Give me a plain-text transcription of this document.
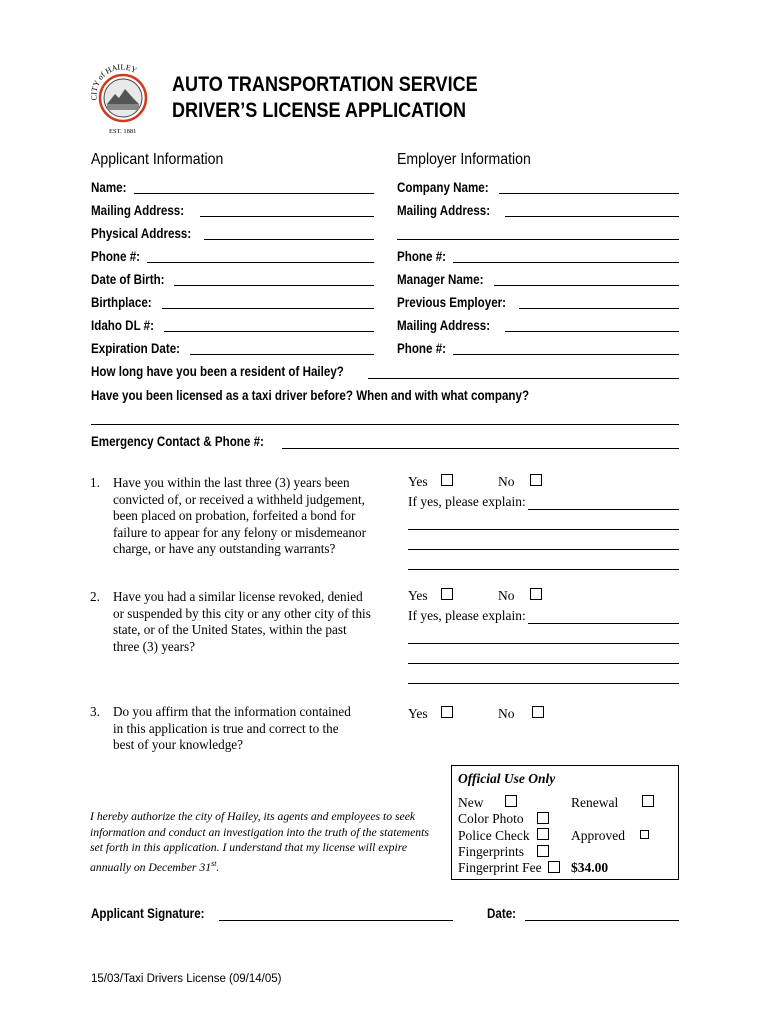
CITY of HAILEY
EST. 1881
AUTO TRANSPORTATION SERVICE
DRIVER’S LICENSE APPLICATION
Applicant Information	Employer Information
Name:
Mailing Address:
Physical Address:
Phone #:
Date of Birth:
Birthplace:
Idaho DL #:
Expiration Date:
Company Name:
Mailing Address:
Phone #:
Manager Name:
Previous Employer:
Mailing Address:
Phone #:
How long have you been a resident of Hailey?
Have you been licensed as a taxi driver before? When and with what company?
Emergency Contact & Phone #:
1. Have you within the last three (3) years been convicted of, or received a withheld judgement, been placed on probation, forfeited a bond for failure to appear for any felony or misdemeanor charge, or have any outstanding warrants?
Yes	No
If yes, please explain:
2. Have you had a similar license revoked, denied or suspended by this city or any other city of this state, or of the United States, within the past three (3) years?
Yes	No
If yes, please explain:
3. Do you affirm that the information contained in this application is true and correct to the best of your knowledge?
Yes	No
I hereby authorize the city of Hailey, its agents and employees to seek information and conduct an investigation into the truth of the statements set forth in this application. I understand that my license will expire annually on December 31st.
Official Use Only
New	Renewal
Color Photo
Police Check	Approved
Fingerprints
Fingerprint Fee $34.00
Applicant Signature:	Date:
15/03/Taxi Drivers License (09/14/05)
